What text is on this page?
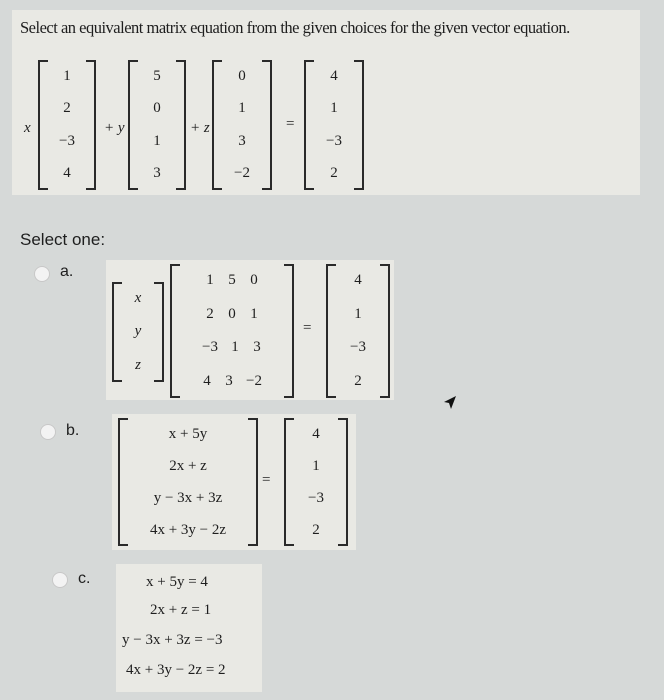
Select an equivalent matrix equation from the given choices for the given vector equation.
x
1
2
−3
4
+ y
5
0
1
3
+ z
0
1
3
−2
=
4
1
−3
2
Select one:
a.
x
y
z
1 5 0
2 0 1
−3 1 3
4 3 −2
=
4
1
−3
2
b.	x + 5y
2x + z
y − 3x + 3z
4x + 3y − 2z
=
4
1
−3
2
c.	x + 5y = 4
2x + z = 1
y − 3x + 3z = −3
4x + 3y − 2z = 2
